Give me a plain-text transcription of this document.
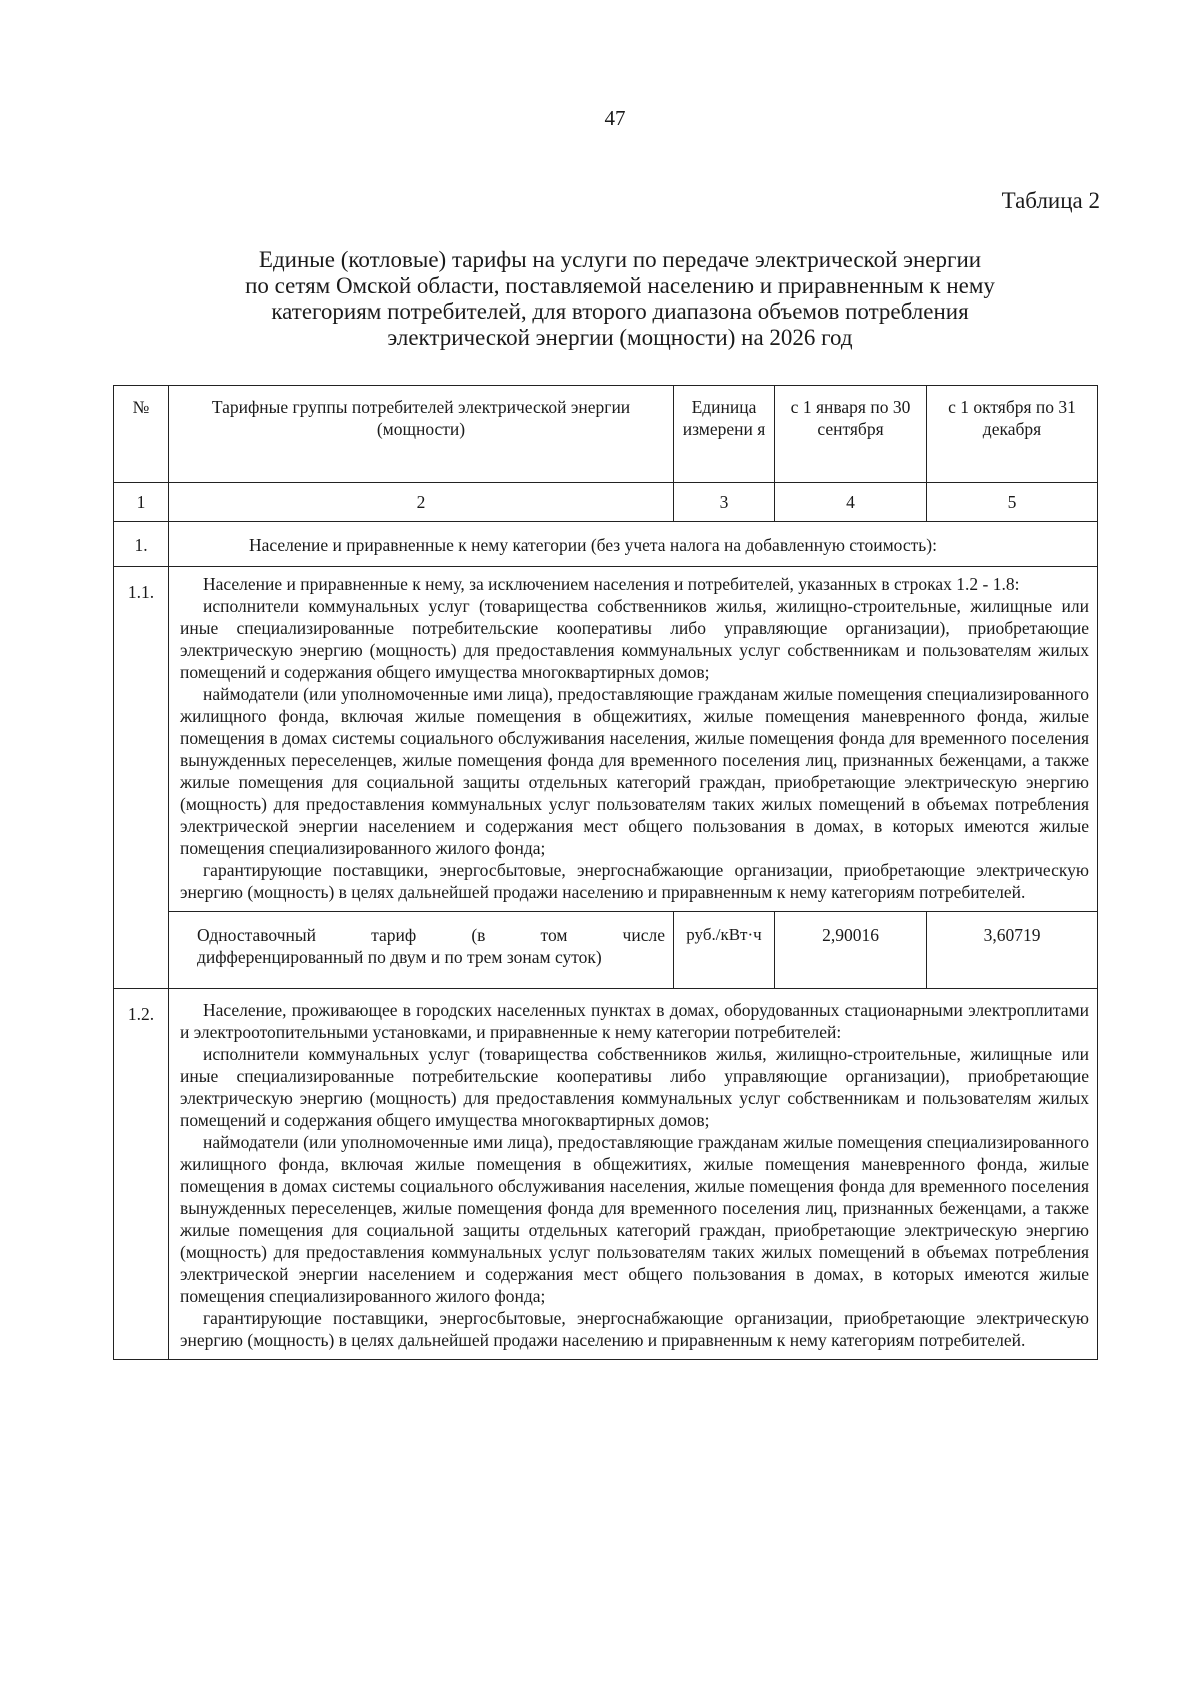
47
Таблица 2
Единые (котловые) тарифы на услуги по передаче электрической энергии
по сетям Омской области, поставляемой населению и приравненным к нему
категориям потребителей, для второго диапазона объемов потребления
электрической энергии (мощности) на 2026 год
№	Тарифные группы потребителей электрической энергии (мощности)	Единица измерени я	с 1 января по 30 сентября	с 1 октября по 31 декабря
1	2	3	4	5
1.	Население и приравненные к нему категории (без учета налога на добавленную стоимость):			
1.1.	Население и приравненные к нему, за исключением населения и потребителей, указанных в строках 1.2 - 1.8:

исполнители коммунальных услуг (товарищества собственников жилья, жилищно-строительные, жилищные или иные специализированные потребительские кооперативы либо управляющие организации), приобретающие электрическую энергию (мощность) для предоставления коммунальных услуг собственникам и пользователям жилых помещений и содержания общего имущества многоквартирных домов;

наймодатели (или уполномоченные ими лица), предоставляющие гражданам жилые помещения специализированного жилищного фонда, включая жилые помещения в общежитиях, жилые помещения маневренного фонда, жилые помещения в домах системы социального обслуживания населения, жилые помещения фонда для временного поселения вынужденных переселенцев, жилые помещения фонда для временного поселения лиц, признанных беженцами, а также жилые помещения для социальной защиты отдельных категорий граждан, приобретающие электрическую энергию (мощность) для предоставления коммунальных услуг пользователям таких жилых помещений в объемах потребления электрической энергии населением и содержания мест общего пользования в домах, в которых имеются жилые помещения специализированного жилого фонда;

гарантирующие поставщики, энергосбытовые, энергоснабжающие организации, приобретающие электрическую энергию (мощность) в целях дальнейшей продажи населению и приравненным к нему категориям потребителей.			

	Одноставочный тариф (в том числе
дифференцированный по двум и по трем зонам суток)	руб./кВт·ч	2,90016	3,60719
1.2.	Население, проживающее в городских населенных пунктах в домах, оборудованных стационарными электроплитами и электроотопительными установками, и приравненные к нему категории потребителей:

исполнители коммунальных услуг (товарищества собственников жилья, жилищно-строительные, жилищные или иные специализированные потребительские кооперативы либо управляющие организации), приобретающие электрическую энергию (мощность) для предоставления коммунальных услуг собственникам и пользователям жилых помещений и содержания общего имущества многоквартирных домов;

наймодатели (или уполномоченные ими лица), предоставляющие гражданам жилые помещения специализированного жилищного фонда, включая жилые помещения в общежитиях, жилые помещения маневренного фонда, жилые помещения в домах системы социального обслуживания населения, жилые помещения фонда для временного поселения вынужденных переселенцев, жилые помещения фонда для временного поселения лиц, признанных беженцами, а также жилые помещения для социальной защиты отдельных категорий граждан, приобретающие электрическую энергию (мощность) для предоставления коммунальных услуг пользователям таких жилых помещений в объемах потребления электрической энергии населением и содержания мест общего пользования в домах, в которых имеются жилые помещения специализированного жилого фонда;

гарантирующие поставщики, энергосбытовые, энергоснабжающие организации, приобретающие электрическую энергию (мощность) в целях дальнейшей продажи населению и приравненным к нему категориям потребителей.			
